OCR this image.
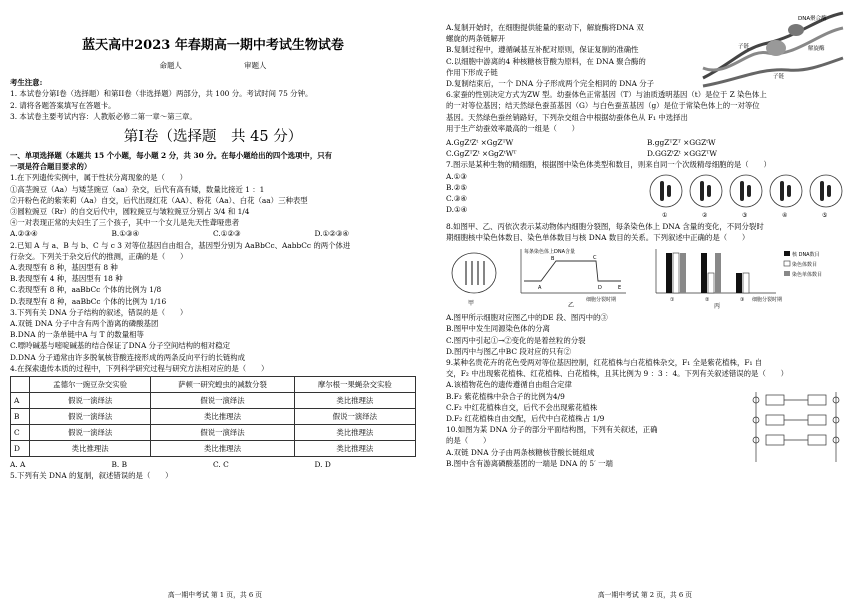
蓝天高中2023 年春期高一期中考试生物试卷
命题人	审题人

考生注意:

1. 本试卷分第I卷（选择题）和第II卷（非选择题）两部分，共 100 分。考试时间 75 分钟。

2. 请将各题答案填写在答题卡。

3. 本试卷主要考试内容：人教版必修二第一章～第三章。

第I卷（选择题　共 45 分）

一、单项选择题（本题共 15 个小题，每小题 2 分，共 30 分。在每小题给出的四个选项中，只有

一项是符合题目要求的）

1.在下列遗传实例中，属于性状分离现象的是（　　）

①高茎豌豆（Aa）与矮茎豌豆（aa）杂交，后代有高有矮，数量比接近 1 ：1

②开粉色花的紫茉莉（Aa）自交，后代出现红花（AA）、粉花（Aa）、白花（aa）三种表型

③圆粒豌豆（Rr）的自交后代中，圆粒豌豆与皱粒豌豆分别占 3/4 和 1/4

④一对表现正常的夫妇生了三个孩子，其中一个女儿是先天性聋哑患者

A.②③④	B.①③④	C.①②③	D.①②③④

2.已知 A 与 a、B 与 b、C 与 c 3 对等位基因自由组合，基因型分别为 AaBbCc、AabbCc 的两个体进

行杂交。下列关于杂交后代的推测，正确的是（　　）

A.表现型有 8 种，基因型有 8 种

B.表现型有 4 种，基因型有 18 种

C.表现型有 8 种，aaBbCc 个体的比例为 1/8

D.表现型有 8 种，aaBbCc 个体的比例为 1/16

3.下列有关 DNA 分子结构的叙述，错误的是（　　）

A.双链 DNA 分子中含有两个游离的磷酸基团

B.DNA 的一条单链中A 与 T 的数量相等

C.嘌呤碱基与嘧啶碱基的结合保证了DNA 分子空间结构的相对稳定

D.DNA 分子通常由许多脱氧核苷酸连接形成的两条反向平行的长链构成

4.在探索遗传本质的过程中，下列科学研究过程与研究方法相对应的是（　　）

	孟德尔一豌豆杂交实验	萨顿一研究蝗虫的减数分裂	摩尔根一果蝇杂交实验
A	假说一演绎法	假说一演绎法	类比推理法
B	假说一演绎法	类比推理法	假说一演绎法
C	假说一演绎法	假说一演绎法	类比推理法
D	类比推理法	类比推理法	类比推理法
A. A	B. B	C. C	D. D

5.下列有关 DNA 的复制，叙述错误的是（　　）

高一期中考试 第 1 页，共 6 页

A.复制开始时，在细胞提供能量的驱动下，解旋酶将DNA 双

螺旋的两条链解开

B.复制过程中，遵循碱基互补配对原则，保证复制的准确性

C.以细胞中游离的4 种核糖核苷酸为原料，在 DNA 聚合酶的

作用下形成子链

D.复制结束后，一个 DNA 分子形成两个完全相同的 DNA 分子

DNA聚合酶
子链	解旋酶
子链

6.家蚕的性别决定方式为ZW 型。幼蚕体色正常基因（T）与油质透明基因（t）是位于 Z 染色体上

的一对等位基因；结天然绿色蚕茧基因（G）与白色蚕茧基因（g）是位于常染色体上的一对等位

基因。天然绿色蚕丝销路好，下列杂交组合中根据幼蚕体色从 F₁ 中选择出

用于生产幼蚕效率最高的一组是（　　）

A.GgZᵗZᵗ ×GgZᵀW	B.ggZᵀZᵀ ×GGZᵗW
C.GgZᵀZᵗ ×GgZᵗWᵀ	D.GGZᵗZᵗ ×GGZᵀW

7.图示是某种生物的精细胞，根据图中染色体类型和数目，则来自同一个次级精母细胞的是（　　）

A.①③

B.②⑤

C.③④

D.①④

①	②	③	④	⑤

8.如图甲、乙、丙依次表示某动物体内细胞分裂图，每条染色体上 DNA 含量的变化，不同分裂时

期细胞核中染色体数目、染色单体数目与核 DNA 数目的关系。下列叙述中正确的是（　　）

甲
每条染色体上DNA含量
细胞分裂时期
A
B	C
D	E
乙
①	②	③ 细胞分裂时期
丙
核 DNA数目
染色体数目
染色单体数目

A.图甲所示细胞对应图乙中的DE 段、图丙中的③

B.图甲中发生同源染色体的分离

C.图丙中引起①→②变化的是着丝粒的分裂

D.图丙中与图乙中BC 段对应的只有②

9.某种名贵花卉的花色受两对等位基因控制，红花植株与白花植株杂交，F₁ 全是紫花植株，F₁ 自

交，F₂ 中出现紫花植株、红花植株、白花植株，且其比例为 9 ：3 ：4。下列有关叙述错误的是（　　）

A.该植物花色的遗传遵循自由组合定律

B.F₂ 紫花植株中杂合子的比例为4/9

C.F₂ 中红花植株自交，后代不会出现紫花植株

D.F₂ 红花植株自由交配，后代中白花植株占 1/9

10.如图为某 DNA 分子的部分平面结构图，下列有关叙述，正确

的是（　　）

A.双链 DNA 分子由两条核糖核苷酸长链组成

B.图中含有游离磷酸基团的一端是 DNA 的 5′ 一端

高一期中考试 第 2 页，共 6 页
